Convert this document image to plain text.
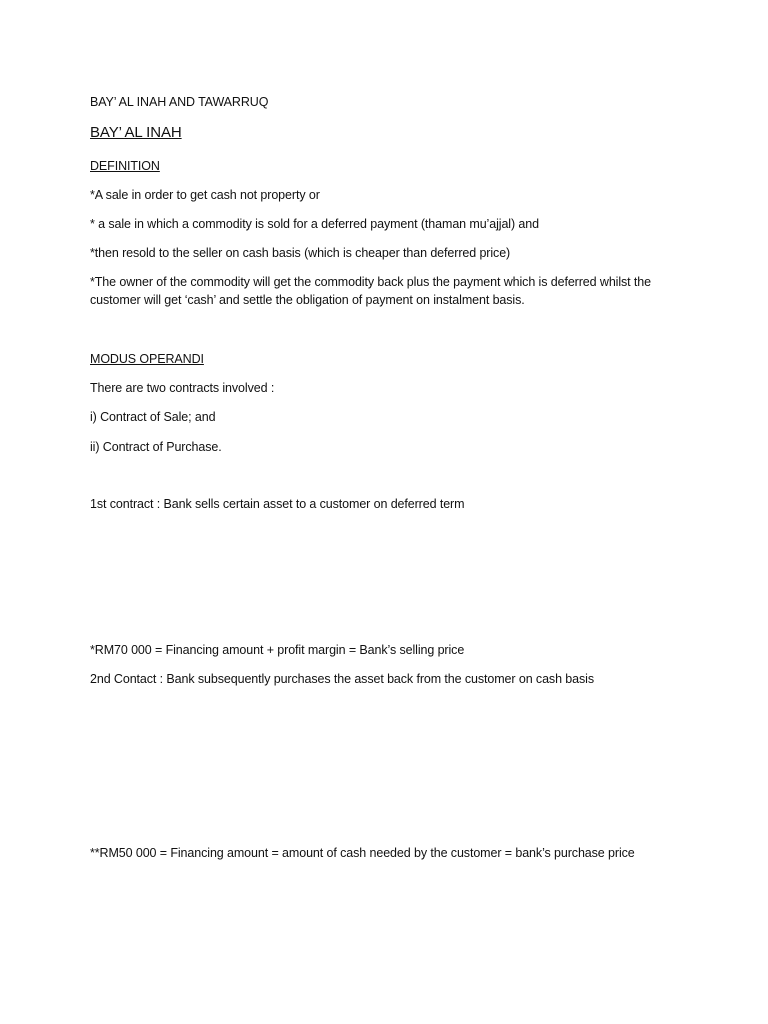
BAY’ AL INAH AND TAWARRUQ
BAY’ AL INAH
DEFINITION
*A sale in order to get cash not property or
* a sale in which a commodity is sold for a deferred payment (thaman mu’ajjal) and
*then resold to the seller on cash basis (which is cheaper than deferred price)
*The owner of the commodity will get the commodity back plus the payment which is deferred whilst the customer will get ‘cash’ and settle the obligation of payment on instalment basis.
MODUS OPERANDI
There are two contracts involved :
i) Contract of Sale; and
ii) Contract of Purchase.
1st contract : Bank sells certain asset to a customer on deferred term
*RM70 000 = Financing amount + profit margin = Bank’s selling price
2nd Contact : Bank subsequently purchases the asset back from the customer on cash basis
**RM50 000 = Financing amount = amount of cash needed by the customer = bank’s purchase price
